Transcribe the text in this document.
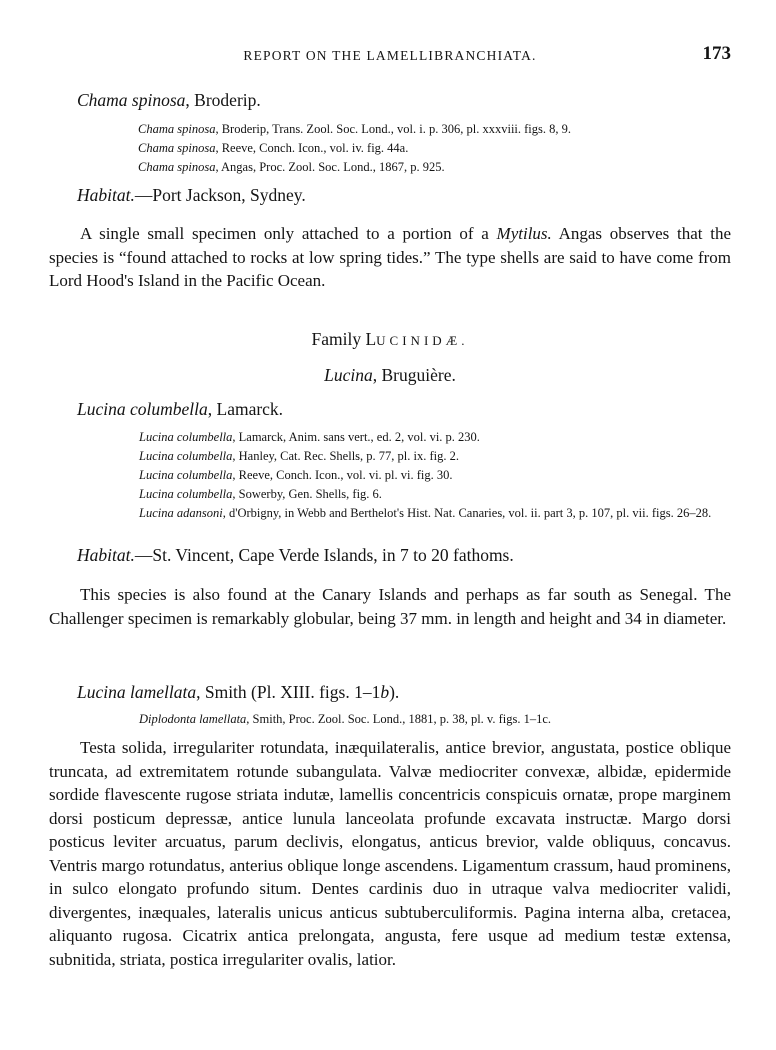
REPORT ON THE LAMELLIBRANCHIATA.	173
Chama spinosa, Broderip.
Chama spinosa, Broderip, Trans. Zool. Soc. Lond., vol. i. p. 306, pl. xxxviii. figs. 8, 9.
Chama spinosa, Reeve, Conch. Icon., vol. iv. fig. 44a.
Chama spinosa, Angas, Proc. Zool. Soc. Lond., 1867, p. 925.
Habitat.—Port Jackson, Sydney.
A single small specimen only attached to a portion of a Mytilus. Angas observes that the species is “found attached to rocks at low spring tides.” The type shells are said to have come from Lord Hood's Island in the Pacific Ocean.
Family LUCINIDÆ.
Lucina, Bruguière.
Lucina columbella, Lamarck.
Lucina columbella, Lamarck, Anim. sans vert., ed. 2, vol. vi. p. 230.
Lucina columbella, Hanley, Cat. Rec. Shells, p. 77, pl. ix. fig. 2.
Lucina columbella, Reeve, Conch. Icon., vol. vi. pl. vi. fig. 30.
Lucina columbella, Sowerby, Gen. Shells, fig. 6.
Lucina adansoni, d'Orbigny, in Webb and Berthelot's Hist. Nat. Canaries, vol. ii. part 3, p. 107, pl. vii. figs. 26–28.
Habitat.—St. Vincent, Cape Verde Islands, in 7 to 20 fathoms.
This species is also found at the Canary Islands and perhaps as far south as Senegal. The Challenger specimen is remarkably globular, being 37 mm. in length and height and 34 in diameter.
Lucina lamellata, Smith (Pl. XIII. figs. 1–1b).
Diplodonta lamellata, Smith, Proc. Zool. Soc. Lond., 1881, p. 38, pl. v. figs. 1–1c.
Testa solida, irregulariter rotundata, inæquilateralis, antice brevior, angustata, postice oblique truncata, ad extremitatem rotunde subangulata. Valvæ mediocriter convexæ, albidæ, epidermide sordide flavescente rugose striata indutæ, lamellis concentricis conspicuis ornatæ, prope marginem dorsi posticum depressæ, antice lunula lanceolata profunde excavata instructæ. Margo dorsi posticus leviter arcuatus, parum declivis, elongatus, anticus brevior, valde obliquus, concavus. Ventris margo rotundatus, anterius oblique longe ascendens. Ligamentum crassum, haud prominens, in sulco elongato profundo situm. Dentes cardinis duo in utraque valva mediocriter validi, divergentes, inæquales, lateralis unicus anticus subtuberculiformis. Pagina interna alba, cretacea, aliquanto rugosa. Cicatrix antica prelongata, angusta, fere usque ad medium testæ extensa, subnitida, striata, postica irregulariter ovalis, latior.
